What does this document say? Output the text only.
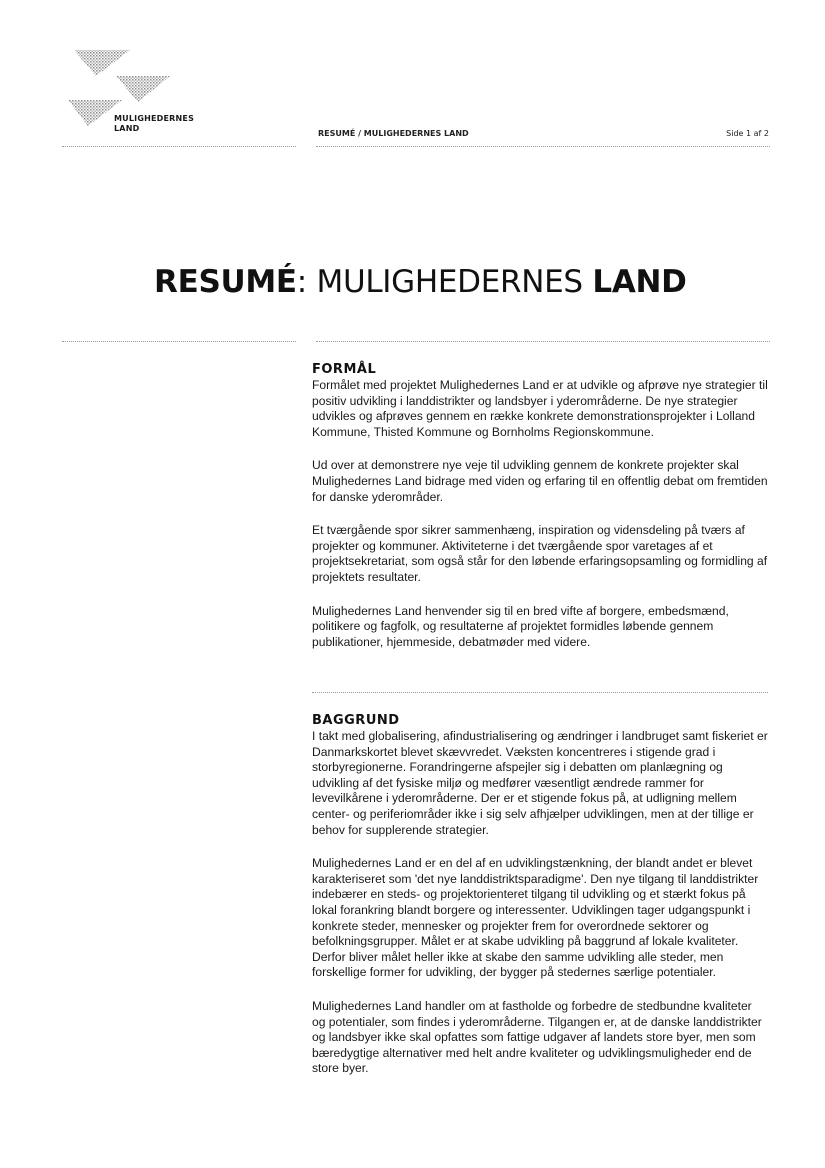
MULIGHEDERNES
LAND
RESUMÉ / MULIGHEDERNES LAND	Side 1 af 2
RESUMÉ: MULIGHEDERNES LAND
FORMÅL

Formålet med projektet Mulighedernes Land er at udvikle og afprøve nye strategier til positiv udvikling i landdistrikter og landsbyer i yderområderne. De nye strategier udvikles og afprøves gennem en række konkrete demonstrationsprojekter i Lolland Kommune, Thisted Kommune og Bornholms Regionskommune.

Ud over at demonstrere nye veje til udvikling gennem de konkrete projekter skal Mulighedernes Land bidrage med viden og erfaring til en offentlig debat om fremtiden for danske yderområder.

Et tværgående spor sikrer sammenhæng, inspiration og vidensdeling på tværs af projekter og kommuner. Aktiviteterne i det tværgående spor varetages af et projektsekretariat, som også står for den løbende erfaringsopsamling og formidling af projektets resultater.

Mulighedernes Land henvender sig til en bred vifte af borgere, embedsmænd, politikere og fagfolk, og resultaterne af projektet formidles løbende gennem publikationer, hjemmeside, debatmøder med videre.

BAGGRUND

I takt med globalisering, afindustrialisering og ændringer i landbruget samt fiskeriet er Danmarkskortet blevet skævvredet. Væksten koncentreres i stigende grad i storbyregionerne. Forandringerne afspejler sig i debatten om planlægning og udvikling af det fysiske miljø og medfører væsentligt ændrede rammer for levevilkårene i yderområderne. Der er et stigende fokus på, at udligning mellem center- og periferiområder ikke i sig selv afhjælper udviklingen, men at der tillige er behov for supplerende strategier.

Mulighedernes Land er en del af en udviklingstænkning, der blandt andet er blevet karakteriseret som 'det nye landdistriktsparadigme'. Den nye tilgang til landdistrikter indebærer en steds- og projektorienteret tilgang til udvikling og et stærkt fokus på lokal forankring blandt borgere og interessenter. Udviklingen tager udgangspunkt i konkrete steder, mennesker og projekter frem for overordnede sektorer og befolkningsgrupper. Målet er at skabe udvikling på baggrund af lokale kvaliteter. Derfor bliver målet heller ikke at skabe den samme udvikling alle steder, men forskellige former for udvikling, der bygger på stedernes særlige potentialer.

Mulighedernes Land handler om at fastholde og forbedre de stedbundne kvaliteter og potentialer, som findes i yderområderne. Tilgangen er, at de danske landdistrikter og landsbyer ikke skal opfattes som fattige udgaver af landets store byer, men som bæredygtige alternativer med helt andre kvaliteter og udviklingsmuligheder end de store byer.
